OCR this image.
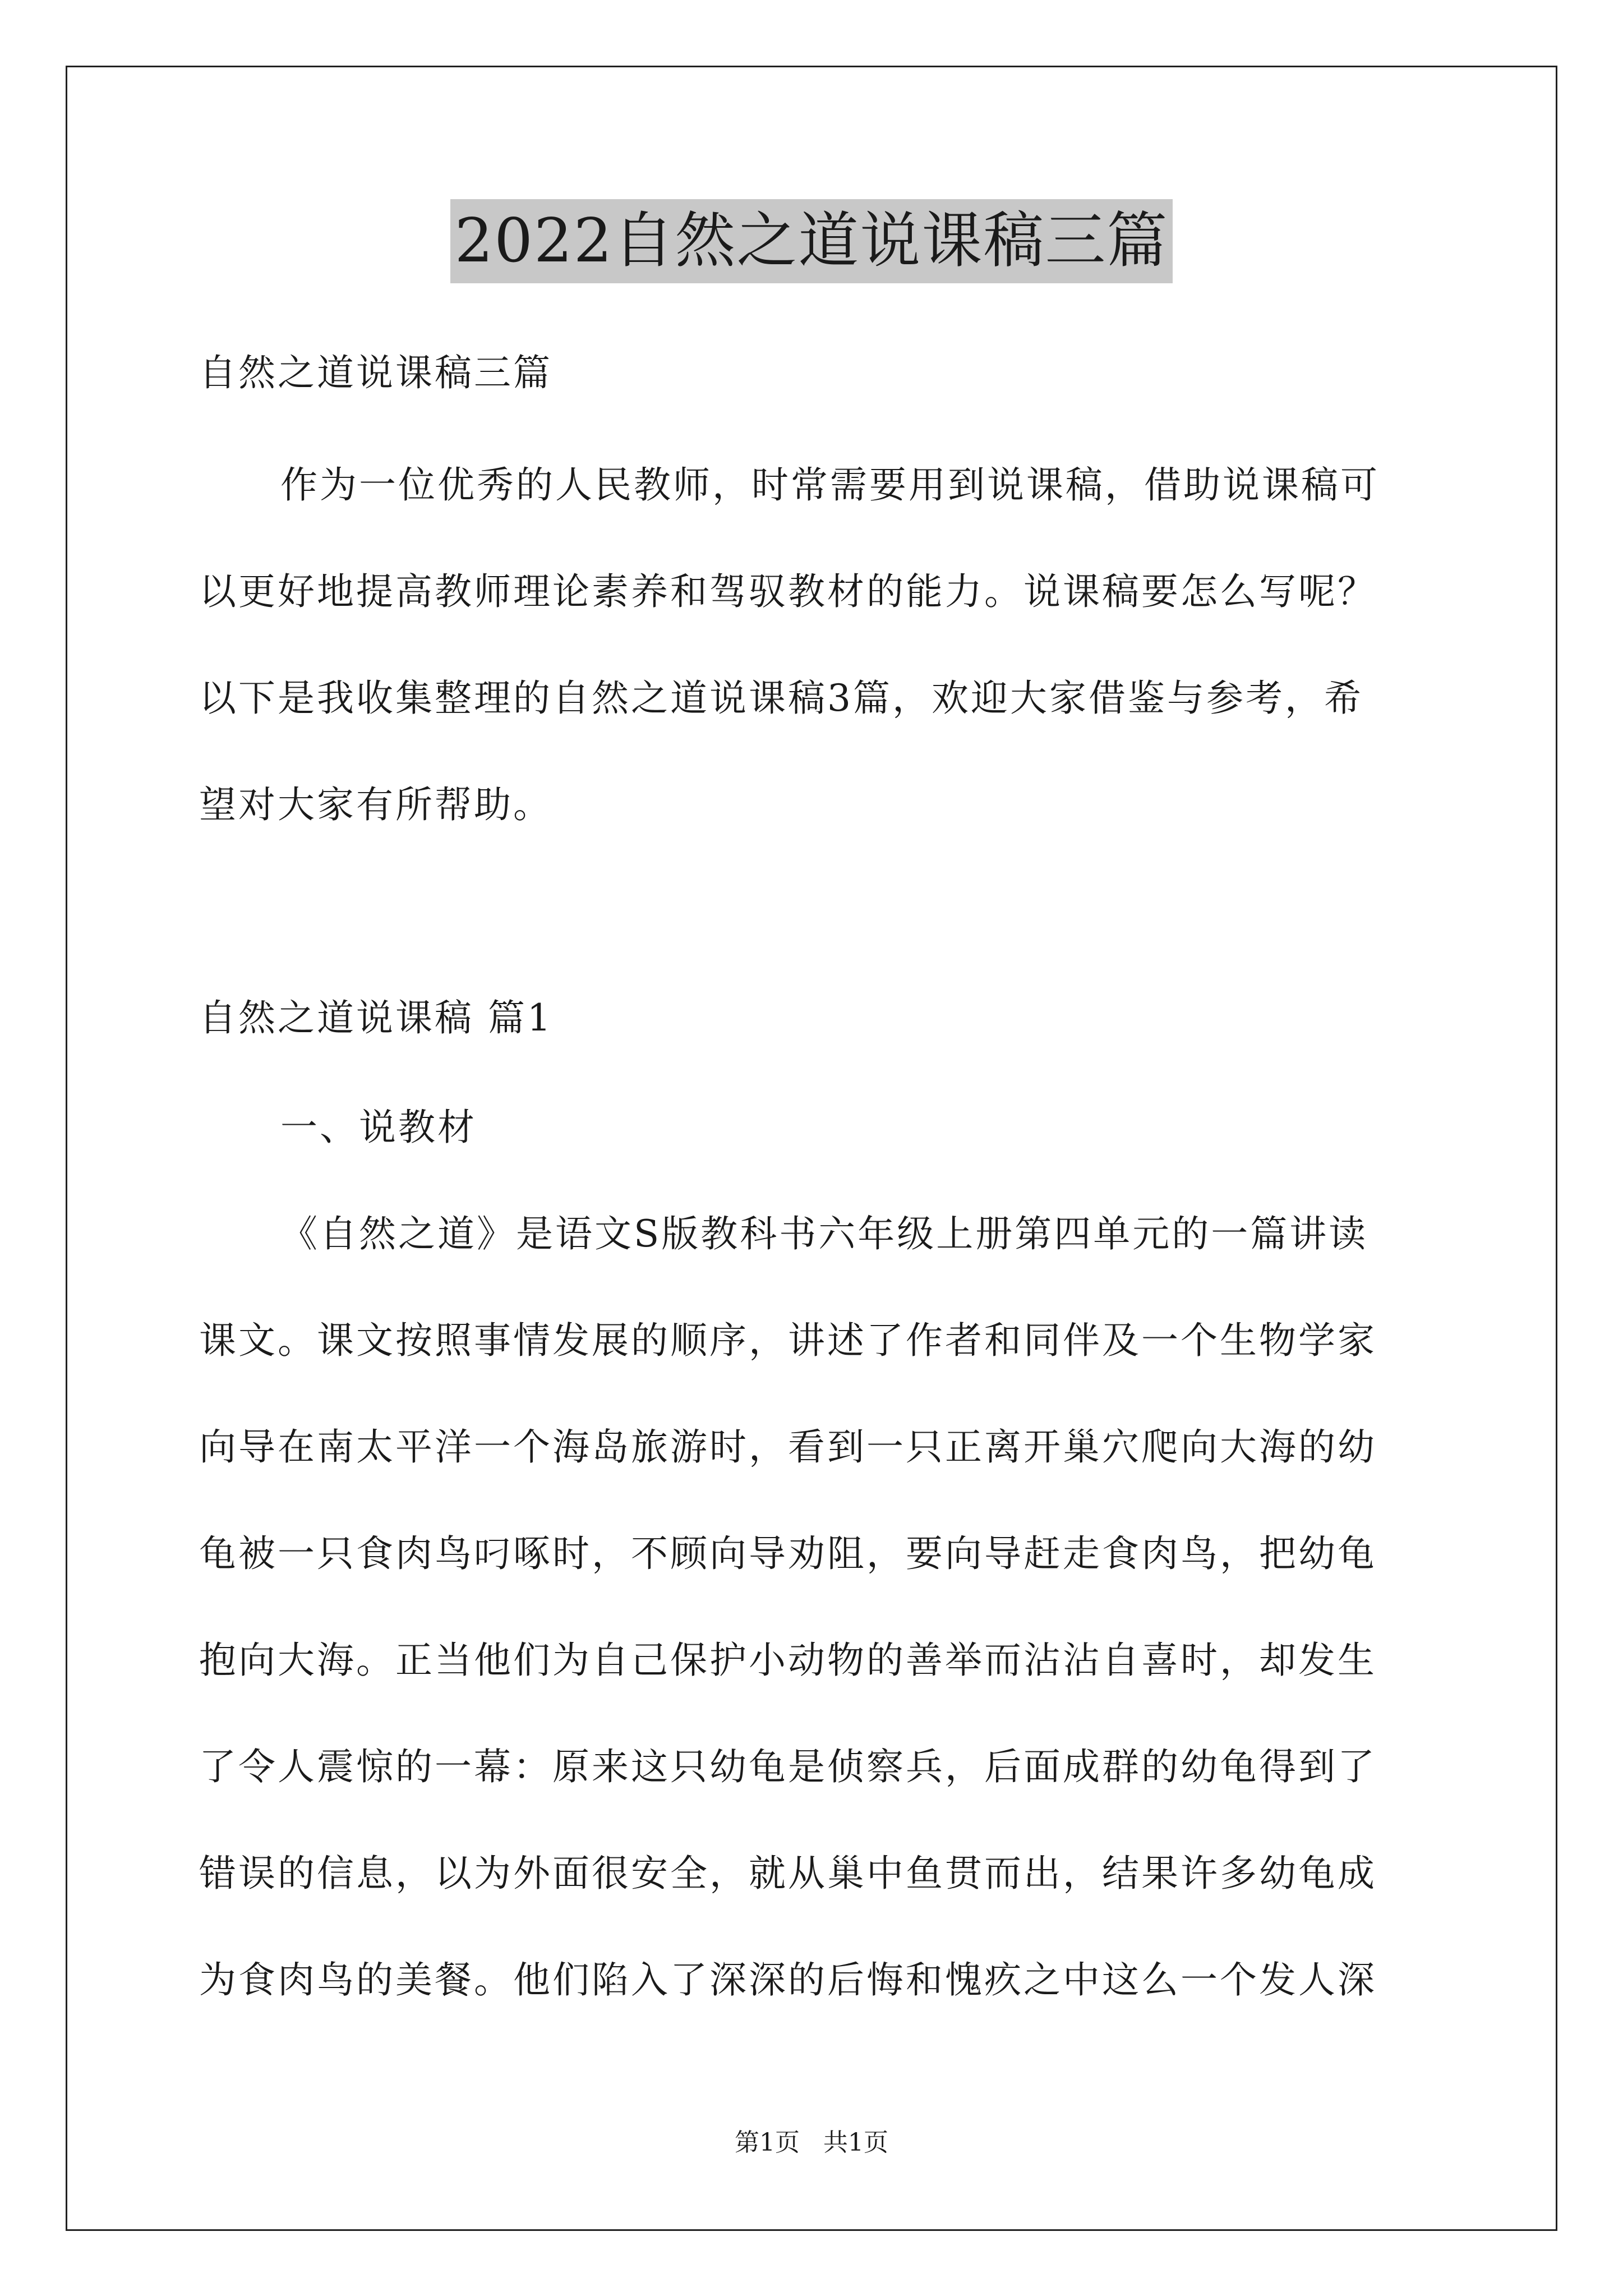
2022自然之道说课稿三篇
自然之道说课稿三篇
作为一位优秀的人民教师，时常需要用到说课稿，借助说课稿可
以更好地提高教师理论素养和驾驭教材的能力。说课稿要怎么写呢？
以下是我收集整理的自然之道说课稿3篇，欢迎大家借鉴与参考，希
望对大家有所帮助。
自然之道说课稿 篇1
一、说教材
《自然之道》是语文S版教科书六年级上册第四单元的一篇讲读
课文。课文按照事情发展的顺序，讲述了作者和同伴及一个生物学家
向导在南太平洋一个海岛旅游时，看到一只正离开巢穴爬向大海的幼
龟被一只食肉鸟叼啄时，不顾向导劝阻，要向导赶走食肉鸟，把幼龟
抱向大海。正当他们为自己保护小动物的善举而沾沾自喜时，却发生
了令人震惊的一幕：原来这只幼龟是侦察兵，后面成群的幼龟得到了
错误的信息，以为外面很安全，就从巢中鱼贯而出，结果许多幼龟成
为食肉鸟的美餐。他们陷入了深深的后悔和愧疚之中这么一个发人深
第1页   共1页
